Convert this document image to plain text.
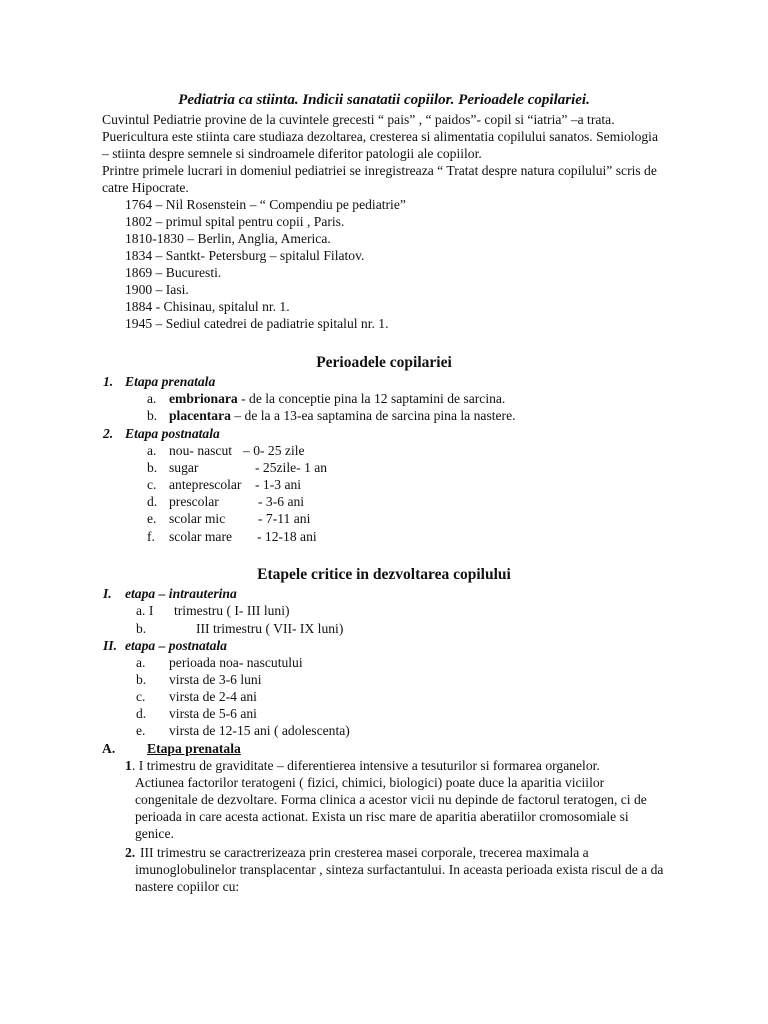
Pediatria ca stiinta. Indicii sanatatii copiilor. Perioadele copilariei.
Cuvintul Pediatrie provine de la cuvintele grecesti “ pais” , “ paidos”- copil si “iatria” –a trata.
Puericultura este stiinta care studiaza dezoltarea, cresterea si alimentatia copilului sanatos. Semiologia
– stiinta despre semnele si sindroamele diferitor patologii ale copiilor.
Printre primele lucrari in domeniul pediatriei se inregistreaza “ Tratat despre natura copilului” scris de
catre Hipocrate.
1764 – Nil Rosenstein – “ Compendiu pe pediatrie”
1802 – primul spital pentru copii , Paris.
1810-1830 – Berlin, Anglia, America.
1834 – Santkt- Petersburg – spitalul Filatov.
1869 – Bucuresti.
1900 – Iasi.
1884 - Chisinau, spitalul nr. 1.
1945 – Sediul catedrei de padiatrie spitalul nr. 1.
Perioadele copilariei
1. Etapa prenatala
a. embrionara - de la conceptie pina la 12 saptamini de sarcina.
b. placentara – de la a 13-ea saptamina de sarcina pina la nastere.
2. Etapa postnatala
a. nou- nascut – 0- 25 zile
b. sugar	- 25zile- 1 an
c. anteprescolar - 1-3 ani
d. prescolar	- 3-6 ani
e. scolar mic - 7-11 ani
f. scolar mare - 12-18 ani
Etapele critice in dezvoltarea copilului
I. etapa – intrauterina
a. I trimestru ( I- III luni)
b.	III trimestru ( VII- IX luni)
II. etapa – postnatala
a. perioada noa- nascutului
b. virsta de 3-6 luni
c. virsta de 2-4 ani
d. virsta de 5-6 ani
e. virsta de 12-15 ani ( adolescenta)
A. Etapa prenatala
1 . I trimestru de graviditate – diferentierea intensive a tesuturilor si formarea organelor.
Actiunea factorilor teratogeni ( fizici, chimici, biologici) poate duce la aparitia viciilor
congenitale de dezvoltare. Forma clinica a acestor vicii nu depinde de factorul teratogen, ci de
perioada in care acesta actionat. Exista un risc mare de aparitia aberatiilor cromosomiale si
genice.
2. III trimestru se caractrerizeaza prin cresterea masei corporale, trecerea maximala a
imunoglobulinelor transplacentar , sinteza surfactantului. In aceasta perioada exista riscul de a da
nastere copiilor cu:
